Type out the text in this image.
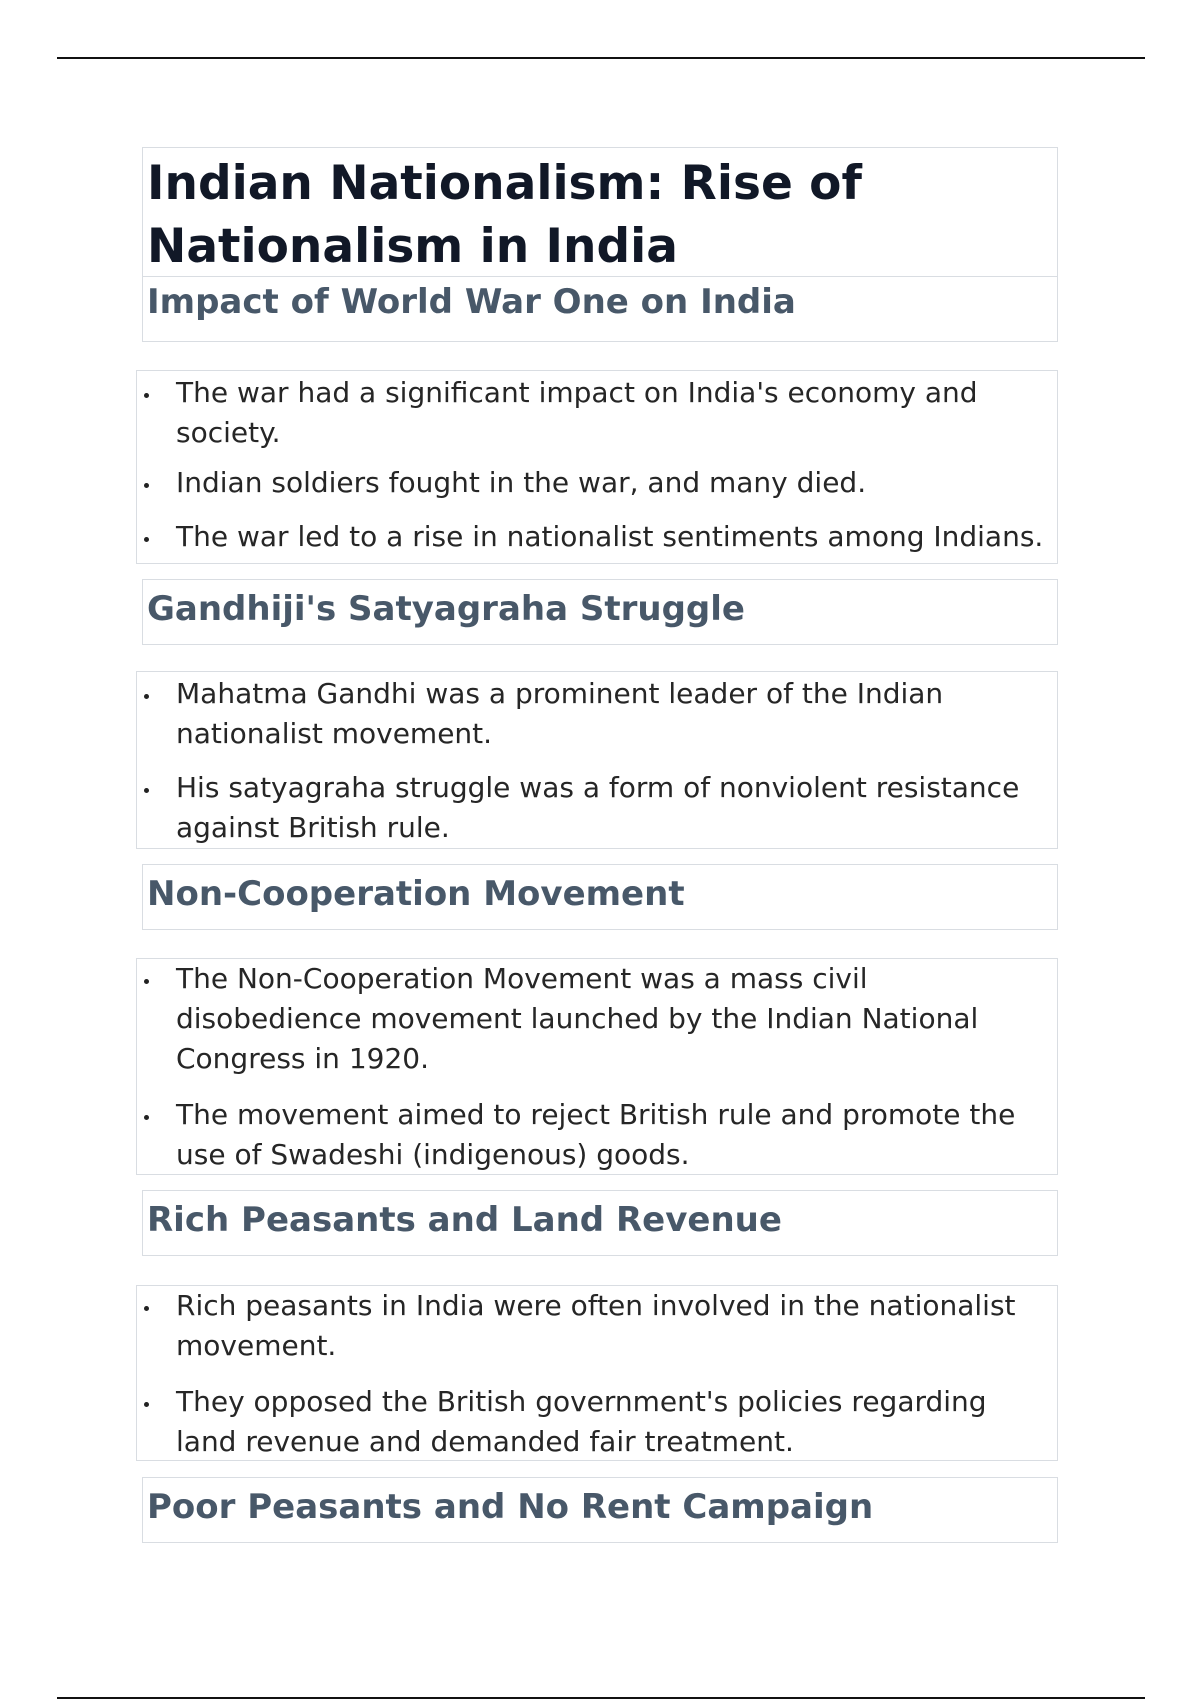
Indian Nationalism: Rise of Nationalism in India
Impact of World War One on India
The war had a significant impact on India's economy and society.
Indian soldiers fought in the war, and many died.
The war led to a rise in nationalist sentiments among Indians.
Gandhiji's Satyagraha Struggle
Mahatma Gandhi was a prominent leader of the Indian nationalist movement.
His satyagraha struggle was a form of nonviolent resistance against British rule.
Non-Cooperation Movement
The Non-Cooperation Movement was a mass civil disobedience movement launched by the Indian National Congress in 1920.
The movement aimed to reject British rule and promote the use of Swadeshi (indigenous) goods.
Rich Peasants and Land Revenue
Rich peasants in India were often involved in the nationalist movement.
They opposed the British government's policies regarding land revenue and demanded fair treatment.
Poor Peasants and No Rent Campaign
